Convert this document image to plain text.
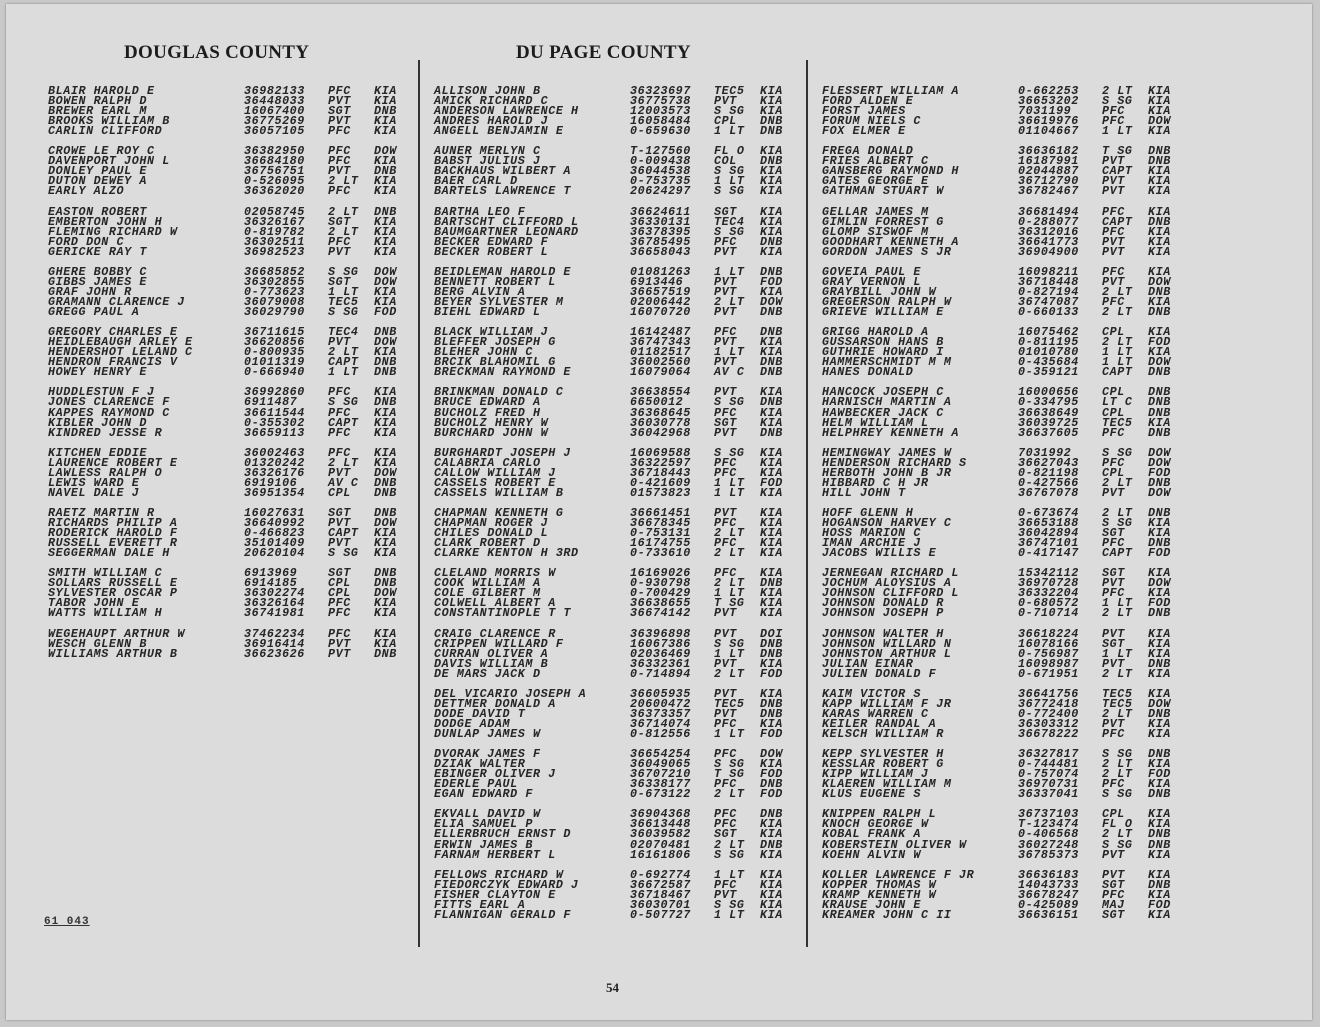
DOUGLAS COUNTY	DU PAGE COUNTY
BLAIR HAROLD E	36982133 PFC KIA
BOWEN RALPH D	36448033 PVT KIA
BREWER EARL M	16067400 SGT DNB
BROOKS WILLIAM B	36775269 PVT KIA
CARLIN CLIFFORD	36057105 PFC KIA
CROWE LE ROY C	36382950 PFC DOW
DAVENPORT JOHN L	36684180 PFC KIA
DONLEY PAUL E	36756751 PVT DNB
DUTON DEWEY A	0-526095 2 LT KIA
EARLY ALZO	36362020 PFC KIA
EASTON ROBERT	02058745 2 LT DNB
EMBERTON JOHN H	36326167 SGT KIA
FLEMING RICHARD W	0-819782 2 LT KIA
FORD DON C	36302511 PFC KIA
GERICKE RAY T	36982523 PVT KIA
GHERE BOBBY C	36685852 S SG DOW
GIBBS JAMES E	36302855 SGT DOW
GRAF JOHN R	0-773623 1 LT KIA
GRAMANN CLARENCE J	36079008 TEC5 KIA
GREGG PAUL A	36029790 S SG FOD
GREGORY CHARLES E	36711615 TEC4 DNB
HEIDLEBAUGH ARLEY E	36620856 PVT DOW
HENDERSHOT LELAND C	0-800935 2 LT KIA
HENDRON FRANCIS V	01011319 CAPT DNB
HOWEY HENRY E	0-666940 1 LT DNB
HUDDLESTUN F J	36992860 PFC KIA
JONES CLARENCE F	6911487	S SG DNB
KAPPES RAYMOND C	36611544 PFC KIA
KIBLER JOHN D	0-355302 CAPT KIA
KINDRED JESSE R	36659113 PFC KIA
KITCHEN EDDIE	36002463 PFC KIA
LAURENCE ROBERT E	01320242 2 LT KIA
LAWLESS RALPH O	36326176 PVT DOW
LEWIS WARD E	6919106	AV C DNB
NAVEL DALE J	36951354 CPL DNB
RAETZ MARTIN R	16027631 SGT DNB
RICHARDS PHILIP A	36640992 PVT DOW
RODERICK HAROLD F	0-466823 CAPT KIA
RUSSELL EVERETT R	35101409 PVT KIA
SEGGERMAN DALE H	20620104 S SG KIA
SMITH WILLIAM C	6913969	SGT DNB
SOLLARS RUSSELL E	6914185	CPL DNB
SYLVESTER OSCAR P	36302274 CPL DOW
TABOR JOHN E	36326164 PFC KIA
WATTS WILLIAM H	36741981 PFC KIA
WEGEHAUPT ARTHUR W	37462234 PFC KIA
WESCH GLENN B	36916414 PVT KIA
WILLIAMS ARTHUR B	36623626 PVT DNB
ALLISON JOHN B	36323697 TEC5 KIA
AMICK RICHARD C	36775738 PVT KIA
ANDERSON LAWRENCE H	12003573 S SG KIA
ANDRES HAROLD J	16058484 CPL DNB
ANGELL BENJAMIN E	0-659630 1 LT DNB
AUNER MERLYN C	T-127560 FL O KIA
BABST JULIUS J	0-009438 COL DNB
BACKHAUS WILBERT A	36044538 S SG KIA
BAER CARL D	0-753735 1 LT KIA
BARTELS LAWRENCE T	20624297 S SG KIA
BARTHA LEO F	36624611 SGT KIA
BARTSCHT CLIFFORD L	36330131 TEC4 KIA
BAUMGARTNER LEONARD	36378395 S SG KIA
BECKER EDWARD F	36785495 PFC DNB
BECKER ROBERT L	36658043 PVT KIA
BEIDLEMAN HAROLD E	01081263 1 LT DNB
BENNETT ROBERT L	6913446	PVT FOD
BERG ALVIN A	36657519 PVT KIA
BEYER SYLVESTER M	02006442 2 LT DOW
BIEHL EDWARD L	16070720 PVT DNB
BLACK WILLIAM J	16142487 PFC DNB
BLEFFER JOSEPH G	36747343 PVT KIA
BLEHER JOHN C	01182517 1 LT KIA
BRCIK BLAHOMIL G	36002560 PVT DNB
BRECKMAN RAYMOND E	16079064 AV C DNB
BRINKMAN DONALD C	36638554 PVT KIA
BRUCE EDWARD A	6650012	S SG DNB
BUCHOLZ FRED H	36368645 PFC KIA
BUCHOLZ HENRY W	36030778 SGT KIA
BURCHARD JOHN W	36042968 PVT DNB
BURGHARDT JOSEPH J	16069588 S SG KIA
CALABRIA CARLO	36322597 PFC KIA
CALLOW WILLIAM J	36718443 PFC KIA
CASSELS ROBERT E	0-421609 1 LT FOD
CASSELS WILLIAM B	01573823 1 LT KIA
CHAPMAN KENNETH G	36661451 PVT KIA
CHAPMAN ROGER J	36678345 PFC KIA
CHILES DONALD L	0-753131 2 LT KIA
CLARK ROBERT D	16174755 PFC KIA
CLARKE KENTON H 3RD	0-733610 2 LT KIA
CLELAND MORRIS W	16169026 PFC KIA
COOK WILLIAM A	0-930798 2 LT DNB
COLE GILBERT M	0-700429 1 LT KIA
COLWELL ALBERT A	36638655 T SG KIA
CONSTANTINOPLE T T	36674142 PVT KIA
CRAIG CLARENCE R	36396898 PVT DOI
CRIPPEN WILLARD F	16067386 S SG DNB
CURRAN OLIVER A	02036469 1 LT DNB
DAVIS WILLIAM B	36332361 PVT KIA
DE MARS JACK D	0-714894 2 LT FOD
DEL VICARIO JOSEPH A	36605935 PVT KIA
DETTMER DONALD A	20600472 TEC5 DNB
DODE DAVID T	36373357 PVT DNB
DODGE ADAM	36714074 PFC KIA
DUNLAP JAMES W	0-812556 1 LT FOD
DVORAK JAMES F	36654254 PFC DOW
DZIAK WALTER	36049065 S SG KIA
EBINGER OLIVER J	36707210 T SG FOD
EDERLE PAUL	36338177 PFC DNB
EGAN EDWARD F	0-673122 2 LT FOD
EKVALL DAVID W	36904368 PFC DNB
ELIA SAMUEL P	36613448 PFC KIA
ELLERBRUCH ERNST D	36039582 SGT KIA
ERWIN JAMES B	02070481 2 LT DNB
FARNAM HERBERT L	16161806 S SG KIA
FELLOWS RICHARD W	0-692774 1 LT KIA
FIEDORCZYK EDWARD J	36672587 PFC KIA
FISHER CLAYTON E	36718467 PVT KIA
FITTS EARL A	36030701 S SG KIA
FLANNIGAN GERALD F	0-507727 1 LT KIA
FLESSERT WILLIAM A	0-662253 2 LT KIA
FORD ALDEN E	36653202 S SG KIA
FORST JAMES	7031199	PFC KIA
FORUM NIELS C	36619976 PFC DOW
FOX ELMER E	01104667 1 LT KIA
FREGA DONALD	36636182 T SG DNB
FRIES ALBERT C	16187991 PVT DNB
GANSBERG RAYMOND H	02044887 CAPT KIA
GATES GEORGE E	36712790 PVT KIA
GATHMAN STUART W	36782467 PVT KIA
GELLAR JAMES M	36681494 PFC KIA
GIMLIN FORREST G	0-288077 CAPT DNB
GLOMP SISWOF M	36312016 PFC KIA
GOODHART KENNETH A	36641773 PVT KIA
GORDON JAMES S JR	36904900 PVT KIA
GOVEIA PAUL E	16098211 PFC KIA
GRAY VERNON L	36718448 PVT DOW
GRAYBILL JOHN W	0-827194 2 LT DNB
GREGERSON RALPH W	36747087 PFC KIA
GRIEVE WILLIAM E	0-660133 2 LT DNB
GRIGG HAROLD A	16075462 CPL KIA
GUSSARSON HANS B	0-811195 2 LT FOD
GUTHRIE HOWARD I	01010780 1 LT KIA
HAMMERSCHMIDT M M	0-435684 1 LT DOW
HANES DONALD	0-359121 CAPT DNB
HANCOCK JOSEPH C	16000656 CPL DNB
HARNISCH MARTIN A	0-334795 LT C DNB
HAWBECKER JACK C	36638649 CPL DNB
HELM WILLIAM L	36039725 TEC5 KIA
HELPHREY KENNETH A	36637605 PFC DNB
HEMINGWAY JAMES W	7031992	S SG DOW
HENDERSON RICHARD S	36627043 PFC DOW
HERBOTH JOHN B JR	0-821198 CPL FOD
HIBBARD C H JR	0-427566 2 LT DNB
HILL JOHN T	36767078 PVT DOW
HOFF GLENN H	0-673674 2 LT DNB
HOGANSON HARVEY C	36653188 S SG KIA
HOSS MARION C	36042894 SGT KIA
IMAN ARCHIE J	36747101 PFC DNB
JACOBS WILLIS E	0-417147 CAPT FOD
JERNEGAN RICHARD L	15342112 SGT KIA
JOCHUM ALOYSIUS A	36970728 PVT DOW
JOHNSON CLIFFORD L	36332204 PFC KIA
JOHNSON DONALD R	0-680572 1 LT FOD
JOHNSON JOSEPH P	0-710714 2 LT DNB
JOHNSON WALTER H	36618224 PVT KIA
JOHNSON WILLARD N	16078166 SGT KIA
JOHNSTON ARTHUR L	0-756987 1 LT KIA
JULIAN EINAR	16098987 PVT DNB
JULIEN DONALD F	0-671951 2 LT KIA
KAIM VICTOR S	36641756 TEC5 KIA
KAPP WILLIAM F JR	36772418 TEC5 DOW
KARAS WARREN C	0-772400 2 LT DNB
KEILER RANDAL A	36303312 PVT KIA
KELSCH WILLIAM R	36678222 PFC KIA
KEPP SYLVESTER H	36327817 S SG DNB
KESSLAR ROBERT G	0-744481 2 LT KIA
KIPP WILLIAM J	0-757074 2 LT FOD
KLAEREN WILLIAM M	36970731 PFC KIA
KLUS EUGENE S	36337041 S SG DNB
KNIPPEN RALPH L	36737103 CPL KIA
KNOCH GEORGE W	T-123474 FL O KIA
KOBAL FRANK A	0-406568 2 LT DNB
KOBERSTEIN OLIVER W	36027248 S SG DNB
KOEHN ALVIN W	36785373 PVT KIA
KOLLER LAWRENCE F JR	36636183 PVT KIA
KOPPER THOMAS W	14043733 SGT DNB
KRAMP KENNETH W	36678247 PFC KIA
KRAUSE JOHN E	0-425089 MAJ FOD
KREAMER JOHN C II	36636151 SGT KIA
61 043
54
